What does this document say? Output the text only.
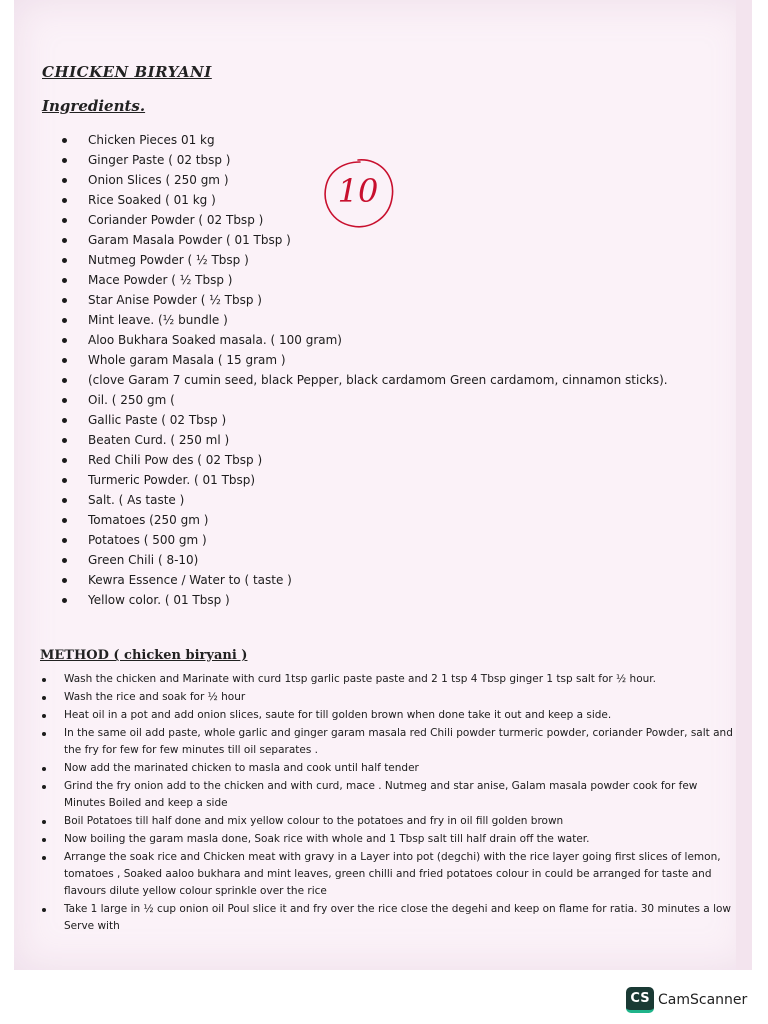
CHICKEN BIRYANI
Ingredients.
Chicken Pieces 01 kg
Ginger Paste ( 02 tbsp )
Onion Slices ( 250 gm )
Rice Soaked ( 01 kg )
Coriander Powder ( 02 Tbsp )
Garam Masala Powder ( 01 Tbsp )
Nutmeg Powder ( ½ Tbsp )
Mace Powder ( ½ Tbsp )
Star Anise Powder ( ½ Tbsp )
Mint leave. (½ bundle )
Aloo Bukhara Soaked masala. ( 100 gram)
Whole garam Masala ( 15 gram )
(clove Garam 7 cumin seed, black Pepper, black cardamom Green cardamom, cinnamon sticks).
Oil. ( 250 gm (
Gallic Paste ( 02 Tbsp )
Beaten Curd. ( 250 ml )
Red Chili Pow des ( 02 Tbsp )
Turmeric Powder. ( 01 Tbsp)
Salt. ( As taste )
Tomatoes (250 gm )
Potatoes ( 500 gm )
Green Chili ( 8-10)
Kewra Essence / Water to ( taste )
Yellow color. ( 01 Tbsp )
10
METHOD ( chicken biryani )
Wash the chicken and Marinate with curd 1tsp garlic paste paste and 2 1 tsp 4 Tbsp ginger 1 tsp salt for ½ hour.
Wash the rice and soak for ½ hour
Heat oil in a pot and add onion slices, saute for till golden brown when done take it out and keep a side.
In the same oil add paste, whole garlic and ginger garam masala red Chili powder turmeric powder, coriander Powder, salt and the fry for few for few minutes till oil separates .
Now add the marinated chicken to masla and cook until half tender
Grind the fry onion add to the chicken and with curd, mace . Nutmeg and star anise, Galam masala powder cook for few Minutes Boiled and keep a side
Boil Potatoes till half done and mix yellow colour to the potatoes and fry in oil fill golden brown
Now boiling the garam masla done, Soak rice with whole and 1 Tbsp salt till half drain off the water.
Arrange the soak rice and Chicken meat with gravy in a Layer into pot (degchi) with the rice layer going first slices of lemon, tomatoes , Soaked aaloo bukhara and mint leaves, green chilli and fried potatoes colour in could be arranged for taste and flavours dilute yellow colour sprinkle over the rice
Take 1 large in ½ cup onion oil Poul slice it and fry over the rice close the degehi and keep on flame for ratia. 30 minutes a low Serve with
CS CamScanner
